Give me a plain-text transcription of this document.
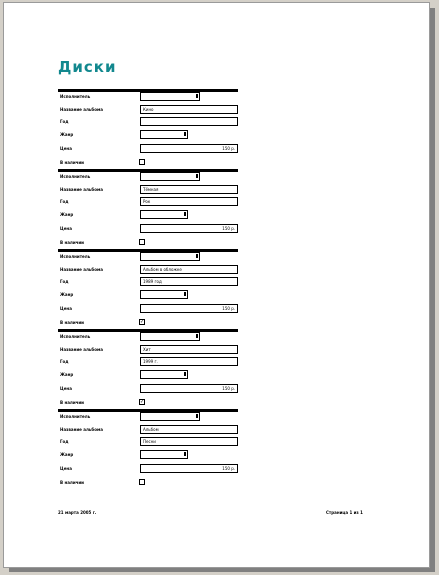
Диски
Исполнитель
Название альбома	Кино
Год
Жанр
Цена	150 р.
В наличии
Исполнитель
Название альбома	Тёмная
Год	Рок
Жанр
Цена	150 р.
В наличии
Исполнитель
Название альбома	Альбом в обложке
Год	1989 год
Жанр
Цена	150 р.
В наличии	✓
Исполнитель
Название альбома	Хит
Год	1999 г.
Жанр
Цена	150 р.
В наличии	✓
Исполнитель
Название альбома	Альбом
Год	Песни
Жанр
Цена	150 р.
В наличии
21 марта 2005 г.	Страница 1 из 1
